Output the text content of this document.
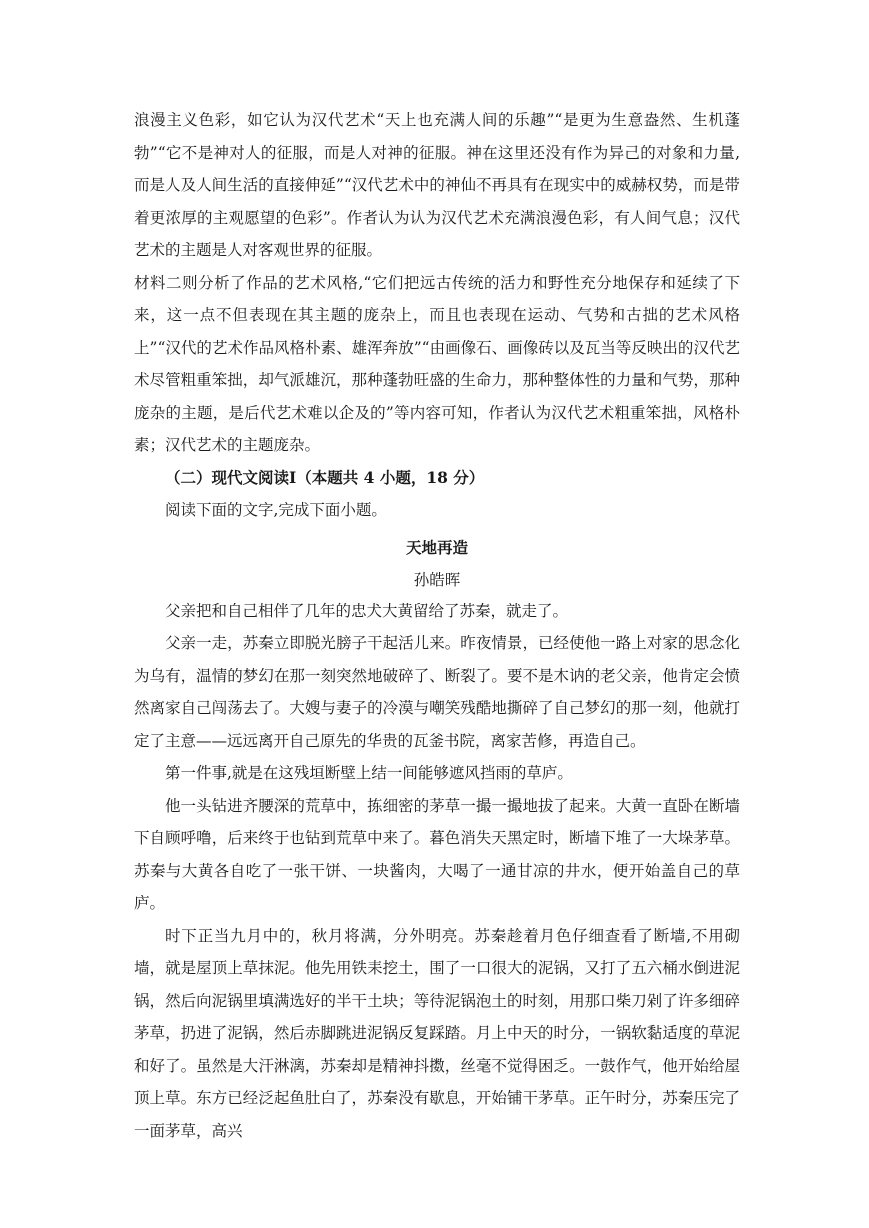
浪漫主义色彩，如它认为汉代艺术“天上也充满人间的乐趣”“是更为生意盎然、生机蓬勃”“它不是神对人的征服，而是人对神的征服。神在这里还没有作为异己的对象和力量,而是人及人间生活的直接伸延”“汉代艺术中的神仙不再具有在现实中的威赫权势，而是带着更浓厚的主观愿望的色彩”。作者认为认为汉代艺术充满浪漫色彩，有人间气息；汉代艺术的主题是人对客观世界的征服。

材料二则分析了作品的艺术风格,“它们把远古传统的活力和野性充分地保存和延续了下来，这一点不但表现在其主题的庞杂上，而且也表现在运动、气势和古拙的艺术风格上”“汉代的艺术作品风格朴素、雄浑奔放”“由画像石、画像砖以及瓦当等反映出的汉代艺术尽管粗重笨拙，却气派雄沉，那种蓬勃旺盛的生命力，那种整体性的力量和气势，那种庞杂的主题，是后代艺术难以企及的”等内容可知，作者认为汉代艺术粗重笨拙，风格朴素；汉代艺术的主题庞杂。

（二）现代文阅读Ⅰ（本题共 4 小题，18 分）

阅读下面的文字,完成下面小题。

天地再造

孙皓晖

父亲把和自己相伴了几年的忠犬大黄留给了苏秦，就走了。

父亲一走，苏秦立即脱光膀子干起活儿来。昨夜情景，已经使他一路上对家的思念化为乌有，温情的梦幻在那一刻突然地破碎了、断裂了。要不是木讷的老父亲，他肯定会愤然离家自己闯荡去了。大嫂与妻子的冷漠与嘲笑残酷地撕碎了自己梦幻的那一刻，他就打定了主意——远远离开自己原先的华贵的瓦釜书院，离家苦修，再造自己。

第一件事,就是在这残垣断壁上结一间能够遮风挡雨的草庐。

他一头钻进齐腰深的荒草中，拣细密的茅草一撮一撮地拔了起来。大黄一直卧在断墙下自顾呼噜，后来终于也钻到荒草中来了。暮色消失天黑定时，断墙下堆了一大垛茅草。苏秦与大黄各自吃了一张干饼、一块酱肉，大喝了一通甘凉的井水，便开始盖自己的草庐。

时下正当九月中的，秋月将满，分外明亮。苏秦趁着月色仔细查看了断墙,不用砌墙，就是屋顶上草抹泥。他先用铁耒挖土，围了一口很大的泥锅，又打了五六桶水倒进泥锅，然后向泥锅里填满选好的半干土块；等待泥锅泡土的时刻，用那口柴刀剁了许多细碎茅草，扔进了泥锅，然后赤脚跳进泥锅反复踩踏。月上中天的时分，一锅软黏适度的草泥和好了。虽然是大汗淋漓，苏秦却是精神抖擞，丝毫不觉得困乏。一鼓作气，他开始给屋顶上草。东方已经泛起鱼肚白了，苏秦没有歇息，开始铺干茅草。正午时分，苏秦压完了一面茅草，高兴
